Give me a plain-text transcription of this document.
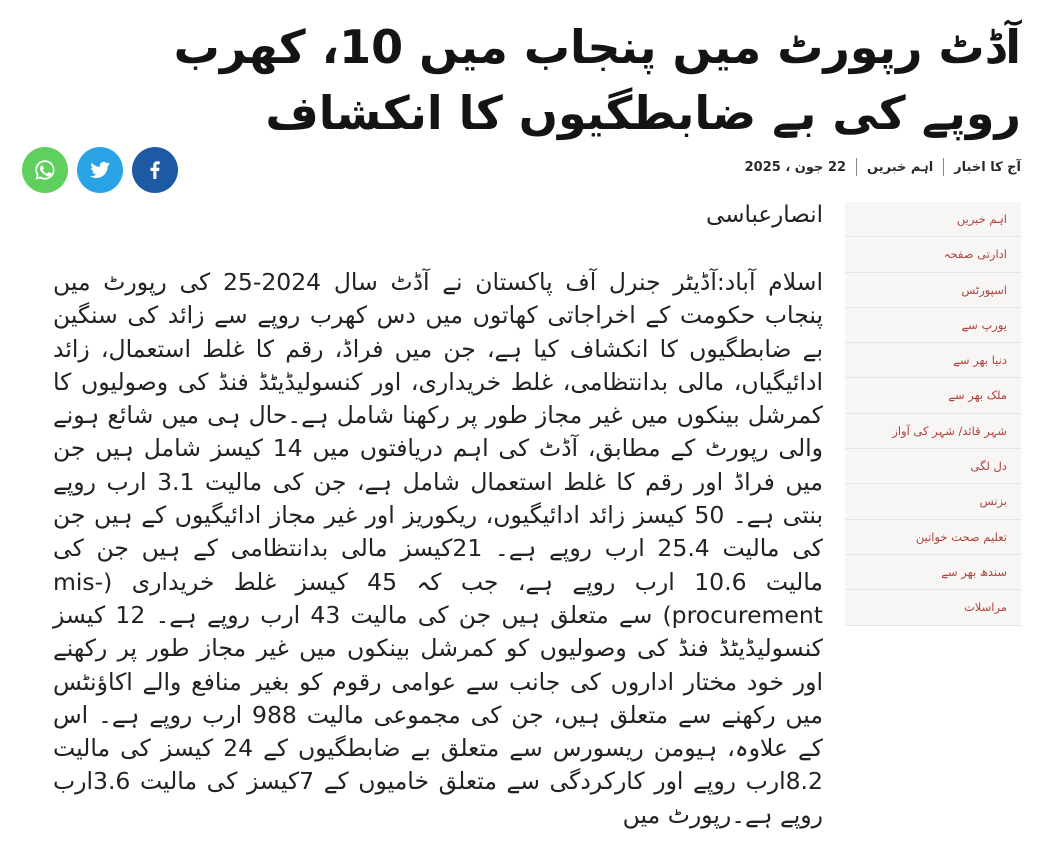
آڈٹ رپورٹ میں پنجاب میں 10، کھرب روپے کی بے ضابطگیوں کا انکشاف
آج کا اخبار
اہم خبریں
22 جون ، 2025
اہم خبریں
ادارتی صفحہ
اسپورٹس
یورپ سے
دنیا بھر سے
ملک بھر سے
شہر قائد/ شہر کی آواز
دل لگی
بزنس
تعلیم صحت خواتین
سندھ بھر سے
مراسلات
انصارعباسی

اسلام آباد:آڈیٹر جنرل آف پاکستان نے آڈٹ سال 2024-25 کی رپورٹ میں پنجاب حکومت کے اخراجاتی کھاتوں میں دس کھرب روپے سے زائد کی سنگین بے ضابطگیوں کا انکشاف کیا ہے، جن میں فراڈ، رقم کا غلط استعمال، زائد ادائیگیاں، مالی بدانتظامی، غلط خریداری، اور کنسولیڈیٹڈ فنڈ کی وصولیوں کا کمرشل بینکوں میں غیر مجاز طور پر رکھنا شامل ہے۔حال ہی میں شائع ہونے والی رپورٹ کے مطابق، آڈٹ کی اہم دریافتوں میں 14 کیسز شامل ہیں جن میں فراڈ اور رقم کا غلط استعمال شامل ہے، جن کی مالیت 3.1 ارب روپے بنتی ہے۔ 50 کیسز زائد ادائیگیوں، ریکوریز اور غیر مجاز ادائیگیوں کے ہیں جن کی مالیت 25.4 ارب روپے ہے۔ 21کیسز مالی بدانتظامی کے ہیں جن کی مالیت 10.6 ارب روپے ہے، جب کہ 45 کیسز غلط خریداری (mis-procurement) سے متعلق ہیں جن کی مالیت 43 ارب روپے ہے۔ 12 کیسز کنسولیڈیٹڈ فنڈ کی وصولیوں کو کمرشل بینکوں میں غیر مجاز طور پر رکھنے اور خود مختار اداروں کی جانب سے عوامی رقوم کو بغیر منافع والے اکاؤنٹس میں رکھنے سے متعلق ہیں، جن کی مجموعی مالیت 988 ارب روپے ہے۔ اس کے علاوہ، ہیومن ریسورس سے متعلق بے ضابطگیوں کے 24 کیسز کی مالیت 8.2ارب روپے اور کارکردگی سے متعلق خامیوں کے 7کیسز کی مالیت 3.6ارب روپے ہے۔رپورٹ میں
